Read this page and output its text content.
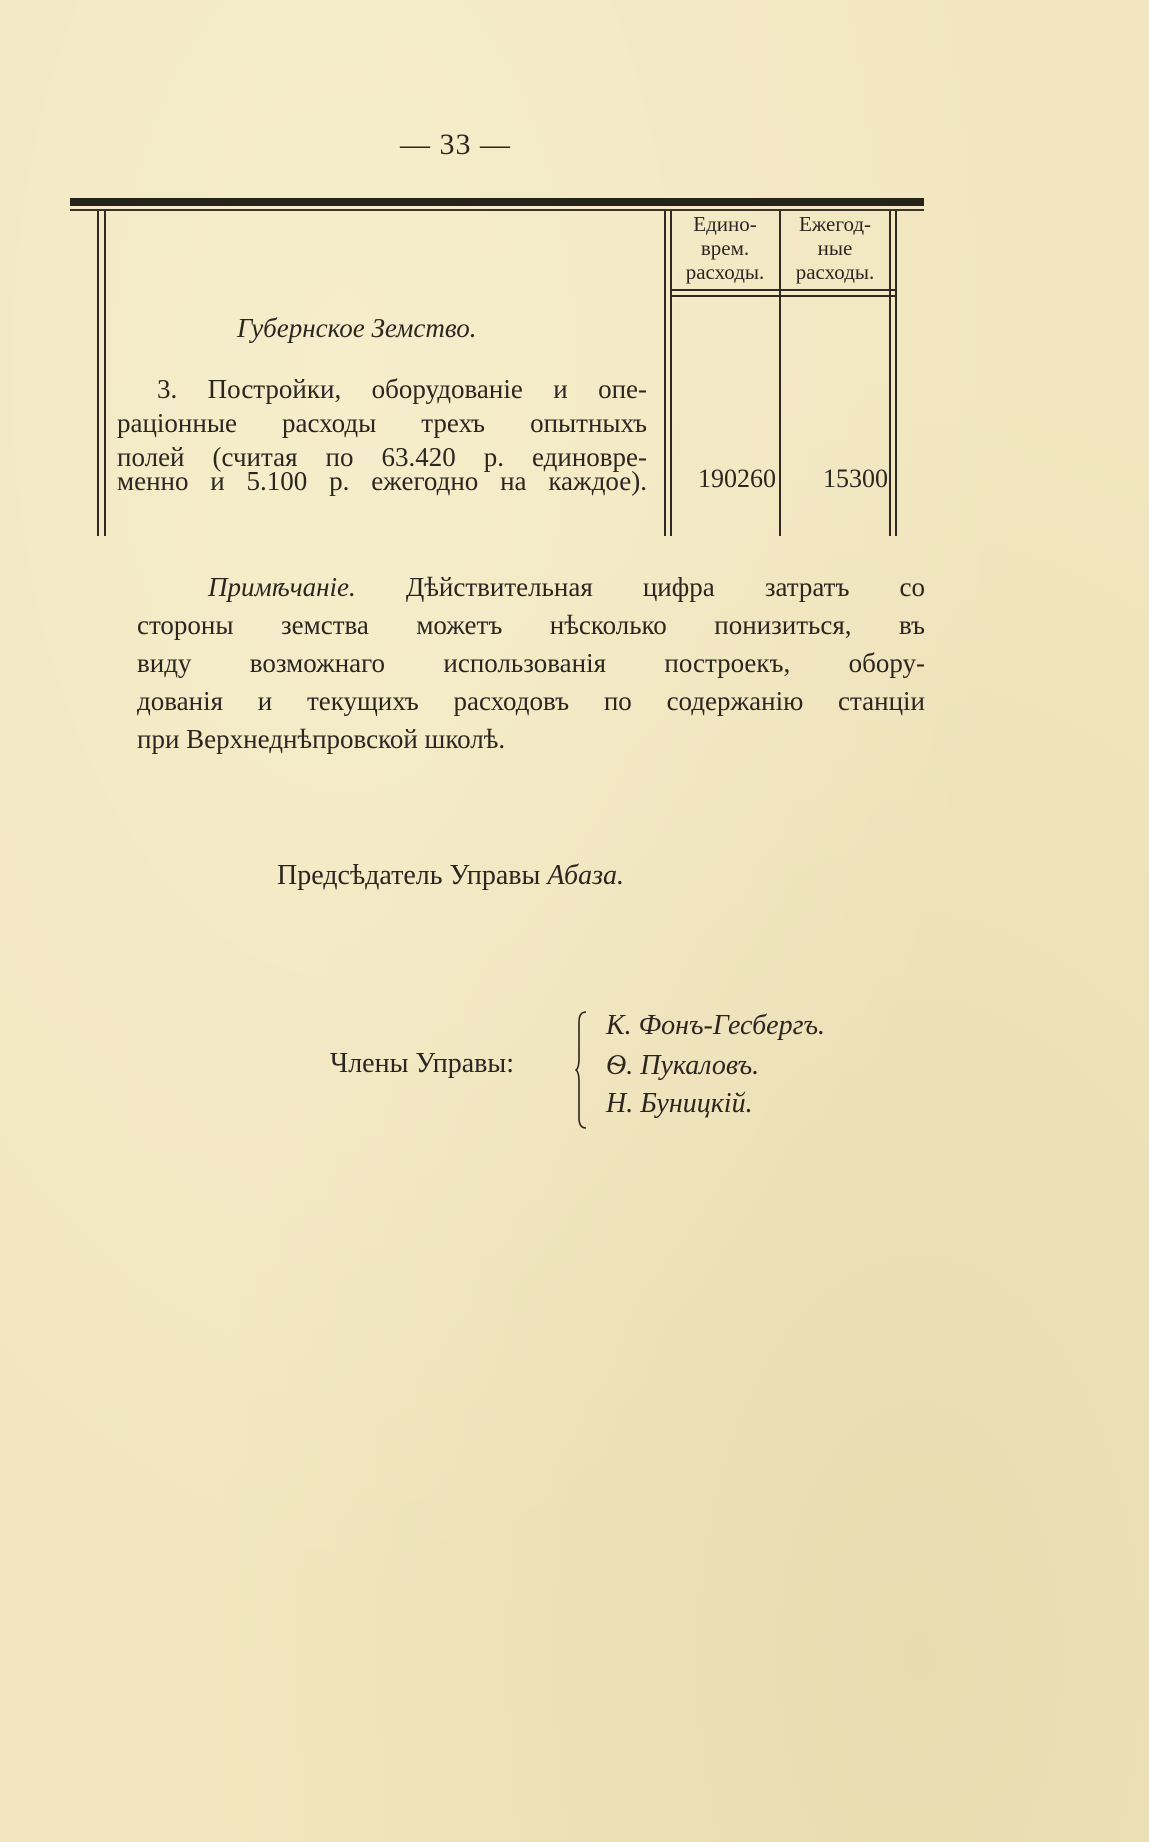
— 33 —
Едино-
врем.
расходы.
Ежегод-
ные
расходы.
Губернское Земство.
3. Постройки, оборудованіе и опе-
раціонные расходы трехъ опытныхъ
полей (считая по 63.420 р. единовре-
менно и 5.100 р. ежегодно на каждое).	190260	15300
Примѣчаніе. Дѣйствительная цифра затратъ со
стороны земства можетъ нѣсколько понизиться, въ
виду возможнаго использованія построекъ, обору-
дованія и текущихъ расходовъ по содержанію станціи
при Верхнеднѣпровской школѣ.
Предсѣдатель Управы Абаза.
Члены Управы:
К. Фонъ-Гесбергъ.
Ѳ. Пукаловъ.
Н. Буницкій.
